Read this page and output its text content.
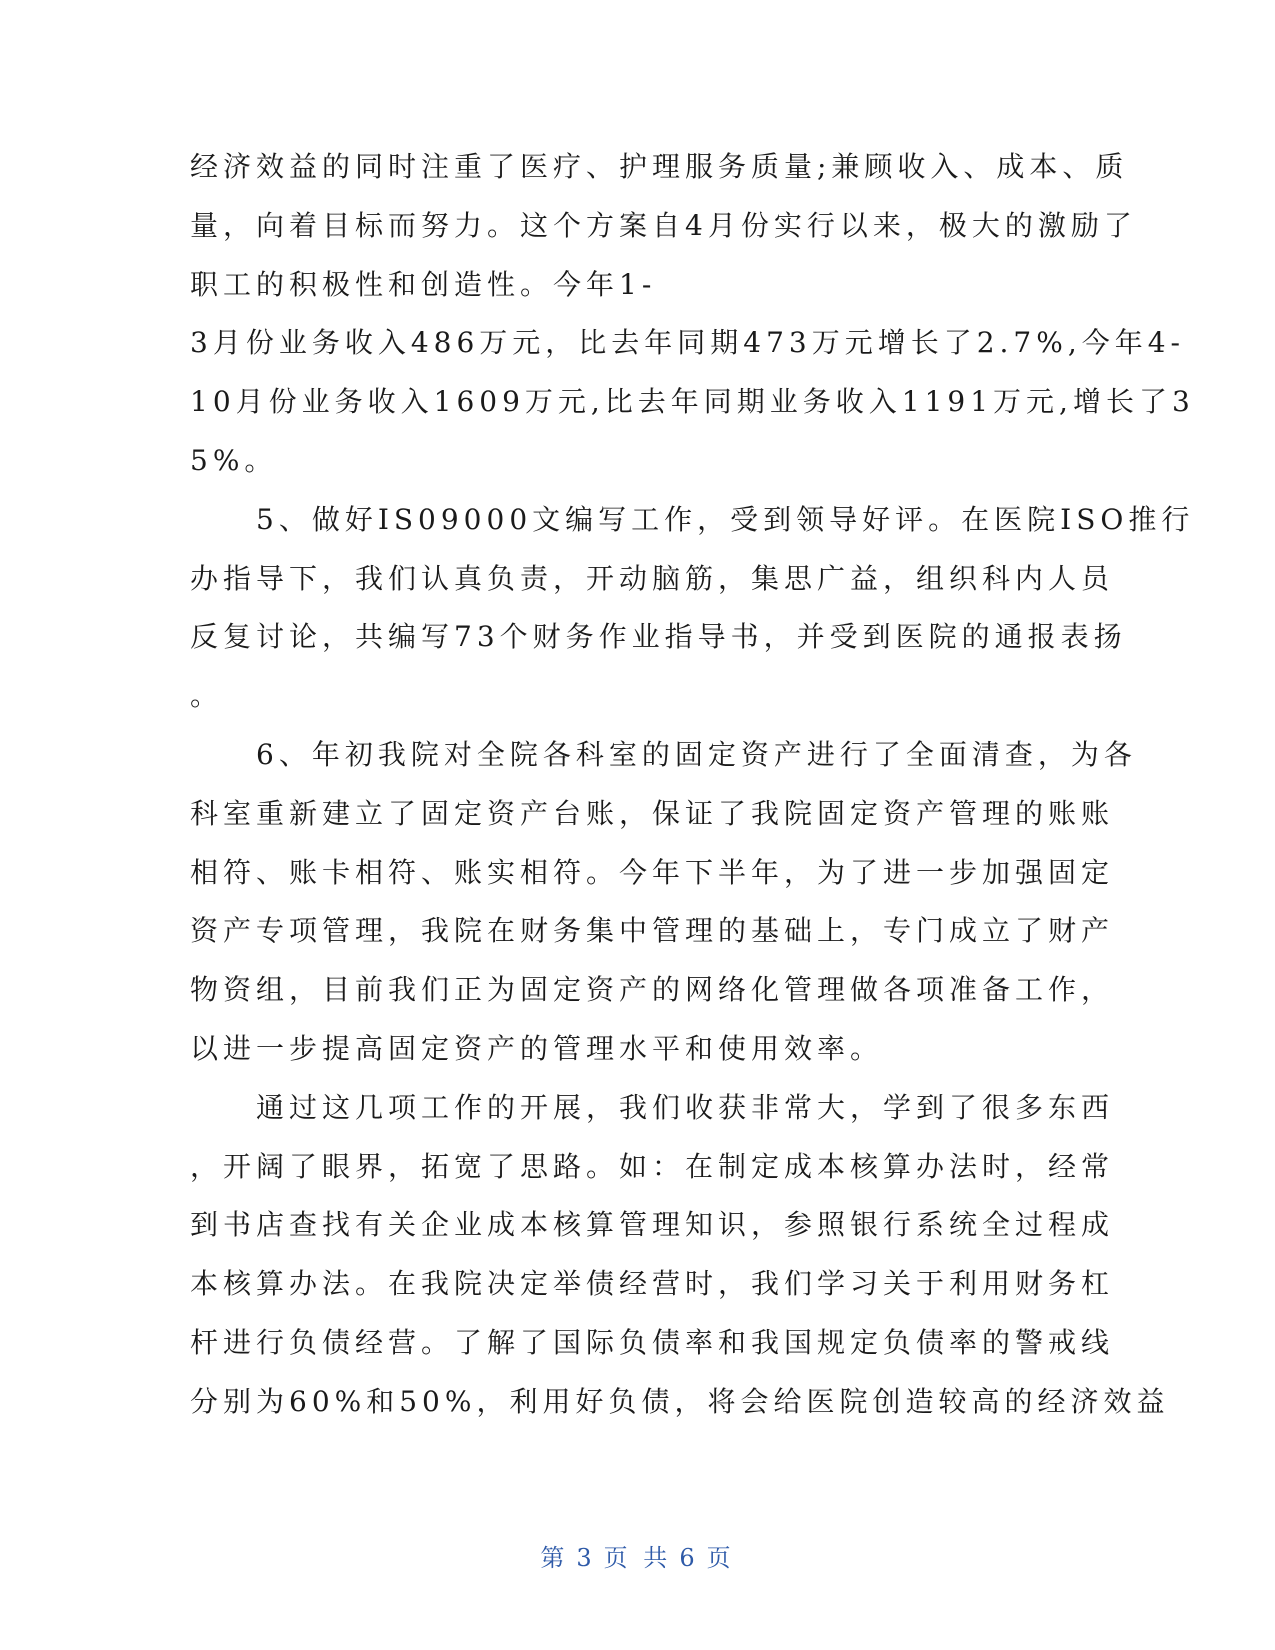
经济效益的同时注重了医疗、护理服务质量;兼顾收入、成本、质
量，向着目标而努力。这个方案自4月份实行以来，极大的激励了
职工的积极性和创造性。今年1-
3月份业务收入486万元，比去年同期473万元增长了2.7%,今年4-
10月份业务收入1609万元,比去年同期业务收入1191万元,增长了3
5%。
　　5、做好IS09000文编写工作，受到领导好评。在医院ISO推行
办指导下，我们认真负责，开动脑筋，集思广益，组织科内人员
反复讨论，共编写73个财务作业指导书，并受到医院的通报表扬
。
　　6、年初我院对全院各科室的固定资产进行了全面清查，为各
科室重新建立了固定资产台账，保证了我院固定资产管理的账账
相符、账卡相符、账实相符。今年下半年，为了进一步加强固定
资产专项管理，我院在财务集中管理的基础上，专门成立了财产
物资组，目前我们正为固定资产的网络化管理做各项准备工作，
以进一步提高固定资产的管理水平和使用效率。
　　通过这几项工作的开展，我们收获非常大，学到了很多东西
，开阔了眼界，拓宽了思路。如：在制定成本核算办法时，经常
到书店查找有关企业成本核算管理知识，参照银行系统全过程成
本核算办法。在我院决定举债经营时，我们学习关于利用财务杠
杆进行负债经营。了解了国际负债率和我国规定负债率的警戒线
分别为60%和50%，利用好负债，将会给医院创造较高的经济效益
第 3 页 共 6 页
